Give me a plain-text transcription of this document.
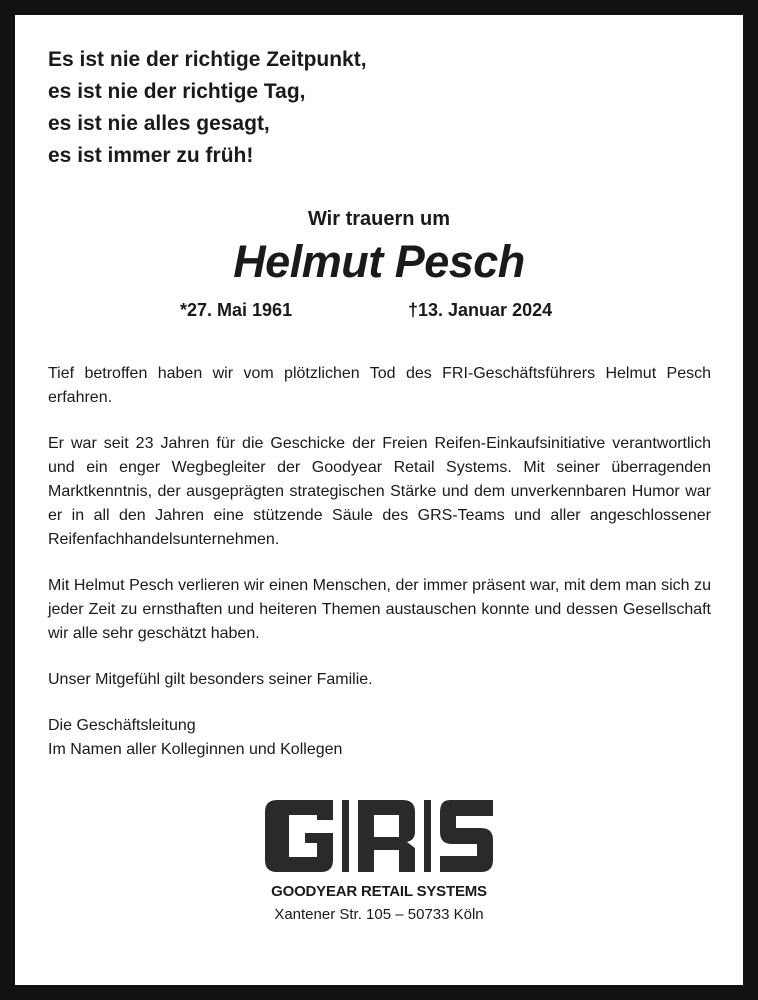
Es ist nie der richtige Zeitpunkt,
es ist nie der richtige Tag,
es ist nie alles gesagt,
es ist immer zu früh!
Wir trauern um
Helmut Pesch
*27. Mai 1961	†13. Januar 2024

Tief betroffen haben wir vom plötzlichen Tod des FRI-Geschäftsführers Helmut Pesch erfahren.

Er war seit 23 Jahren für die Geschicke der Freien Reifen-Einkaufsinitiative verantwortlich und ein enger Wegbegleiter der Goodyear Retail Systems. Mit seiner überragenden Marktkenntnis, der ausgeprägten strategischen Stärke und dem unverkennbaren Humor war er in all den Jahren eine stützende Säule des GRS-Teams und aller angeschlossener Reifenfachhandelsunternehmen.

Mit Helmut Pesch verlieren wir einen Menschen, der immer präsent war, mit dem man sich zu jeder Zeit zu ernsthaften und heiteren Themen austauschen konnte und dessen Gesellschaft wir alle sehr geschätzt haben.

Unser Mitgefühl gilt besonders seiner Familie.

Die Geschäftsleitung
Im Namen aller Kolleginnen und Kollegen

GOODYEAR RETAIL SYSTEMS
Xantener Str. 105 – 50733 Köln
